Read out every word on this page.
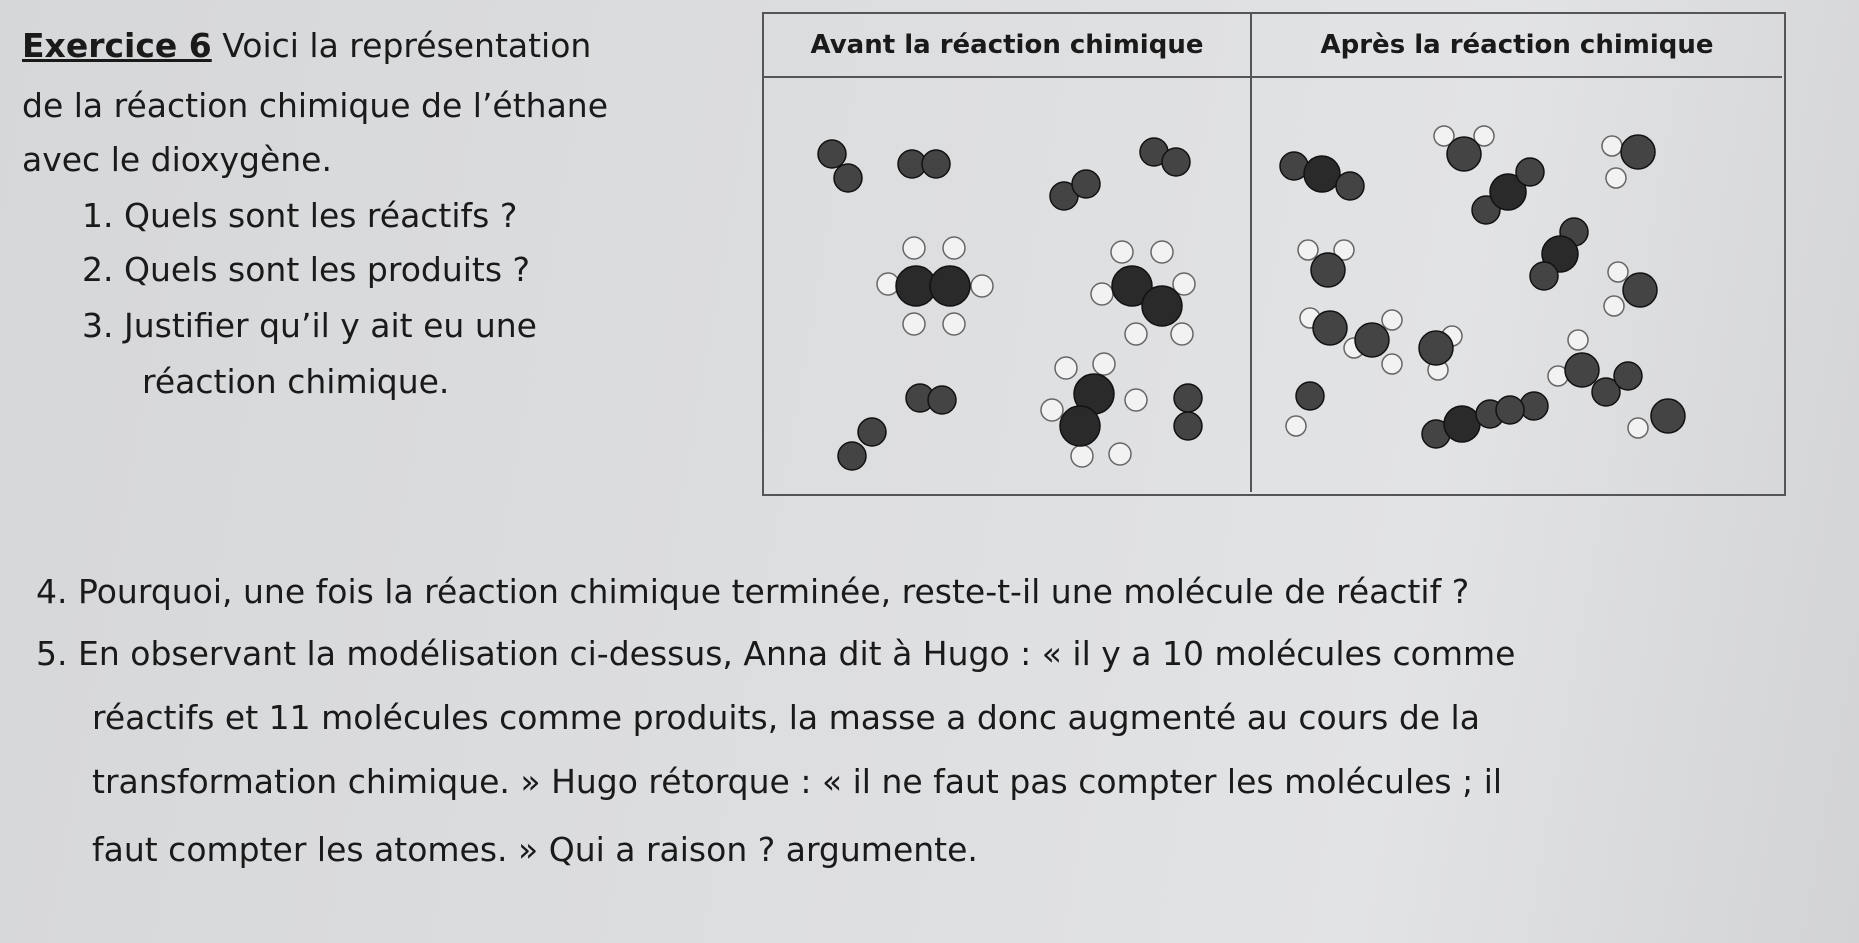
Exercice 6 Voici la représentation
de la réaction chimique de l’éthane
avec le dioxygène.
1. Quels sont les réactifs ?
2. Quels sont les produits ?
3. Justifier qu’il y ait eu une
réaction chimique.
Avant la réaction chimique	Après la réaction chimique
4. Pourquoi, une fois la réaction chimique terminée, reste-t-il une molécule de réactif ?
5. En observant la modélisation ci-dessus, Anna dit à Hugo : « il y a 10 molécules comme
réactifs et 11 molécules comme produits, la masse a donc augmenté au cours de la
transformation chimique. » Hugo rétorque : « il ne faut pas compter les molécules ; il
faut compter les atomes. » Qui a raison ? argumente.
